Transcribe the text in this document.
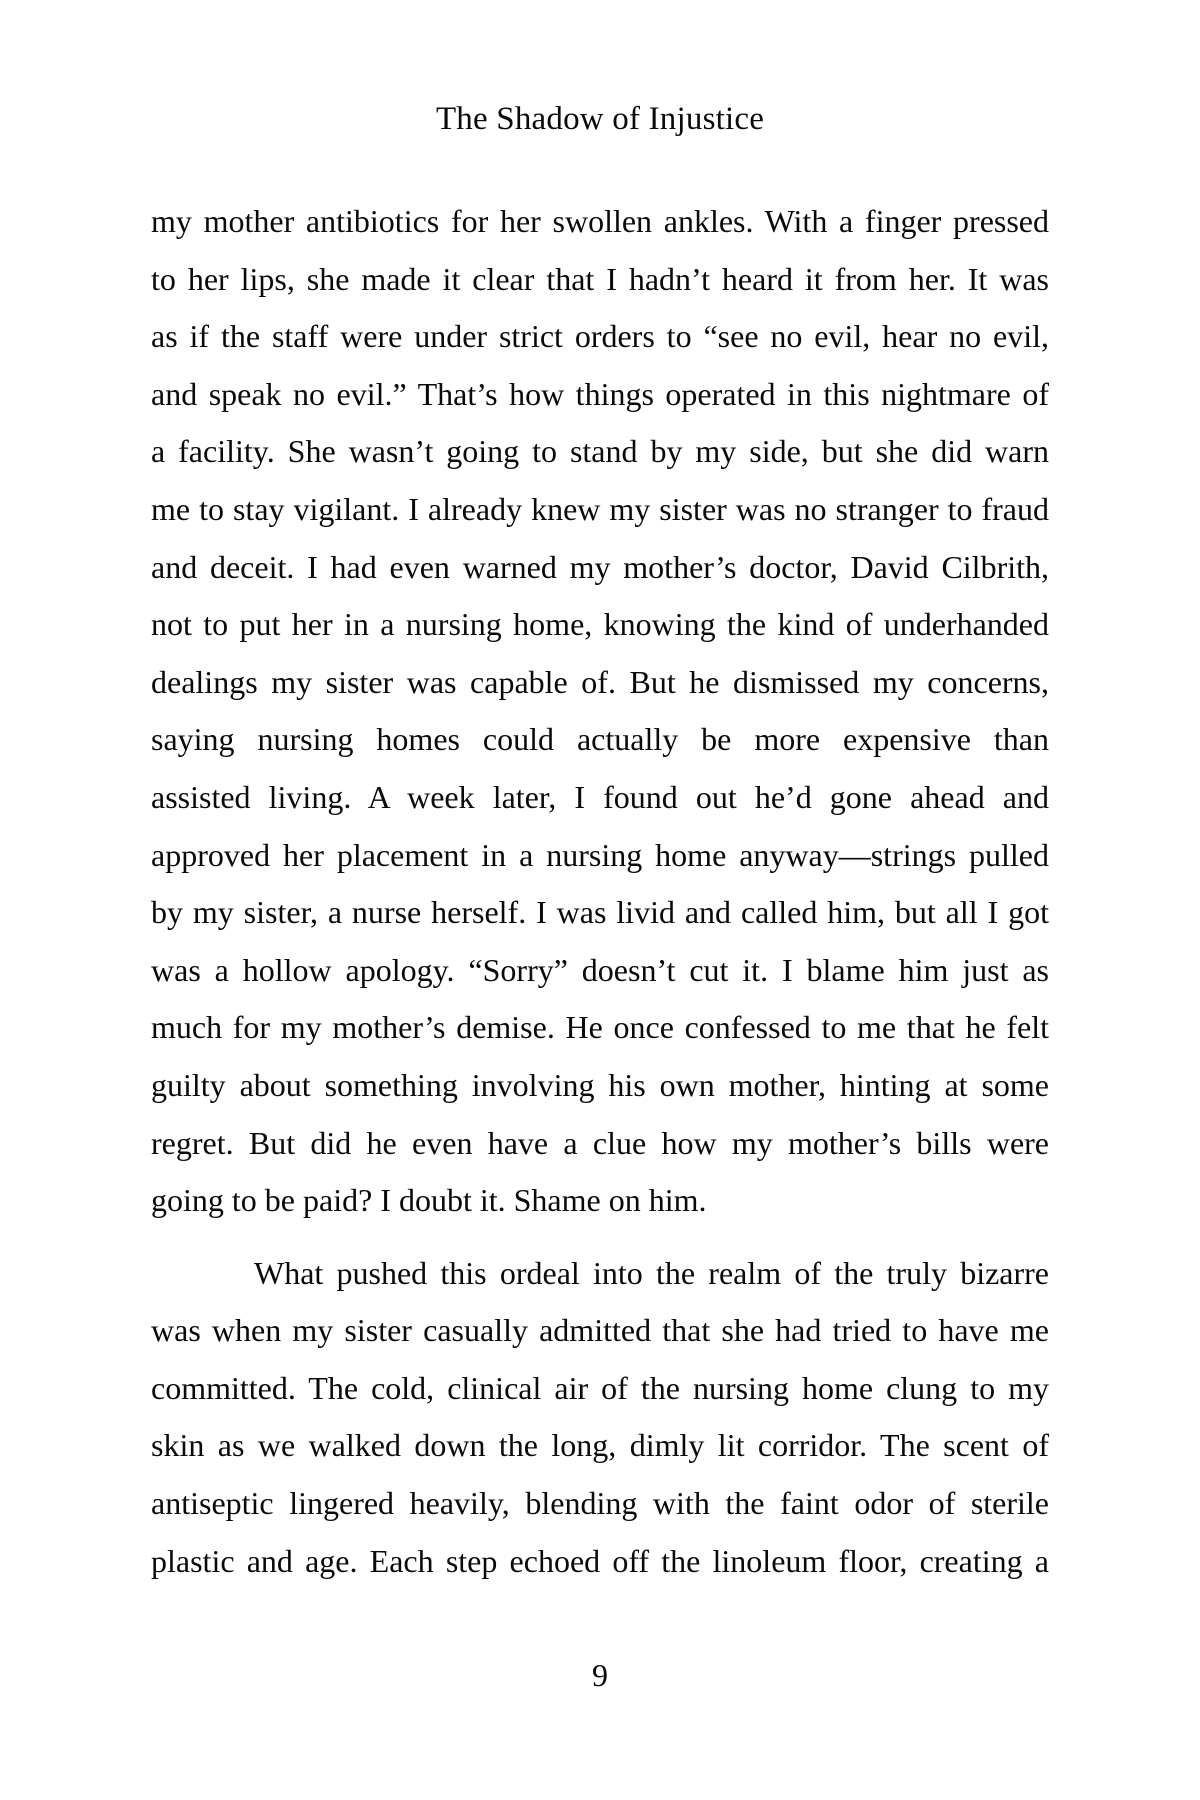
The Shadow of Injustice
my mother antibiotics for her swollen ankles. With a finger pressed
to her lips, she made it clear that I hadn’t heard it from her. It was
as if the staff were under strict orders to “see no evil, hear no evil,
and speak no evil.” That’s how things operated in this nightmare of
a facility. She wasn’t going to stand by my side, but she did warn
me to stay vigilant. I already knew my sister was no stranger to fraud
and deceit. I had even warned my mother’s doctor, David Cilbrith,
not to put her in a nursing home, knowing the kind of underhanded
dealings my sister was capable of. But he dismissed my concerns,
saying nursing homes could actually be more expensive than
assisted living. A week later, I found out he’d gone ahead and
approved her placement in a nursing home anyway—strings pulled
by my sister, a nurse herself. I was livid and called him, but all I got
was a hollow apology. “Sorry” doesn’t cut it. I blame him just as
much for my mother’s demise. He once confessed to me that he felt
guilty about something involving his own mother, hinting at some
regret. But did he even have a clue how my mother’s bills were
going to be paid? I doubt it. Shame on him.
What pushed this ordeal into the realm of the truly bizarre
was when my sister casually admitted that she had tried to have me
committed. The cold, clinical air of the nursing home clung to my
skin as we walked down the long, dimly lit corridor. The scent of
antiseptic lingered heavily, blending with the faint odor of sterile
plastic and age. Each step echoed off the linoleum floor, creating a
9
